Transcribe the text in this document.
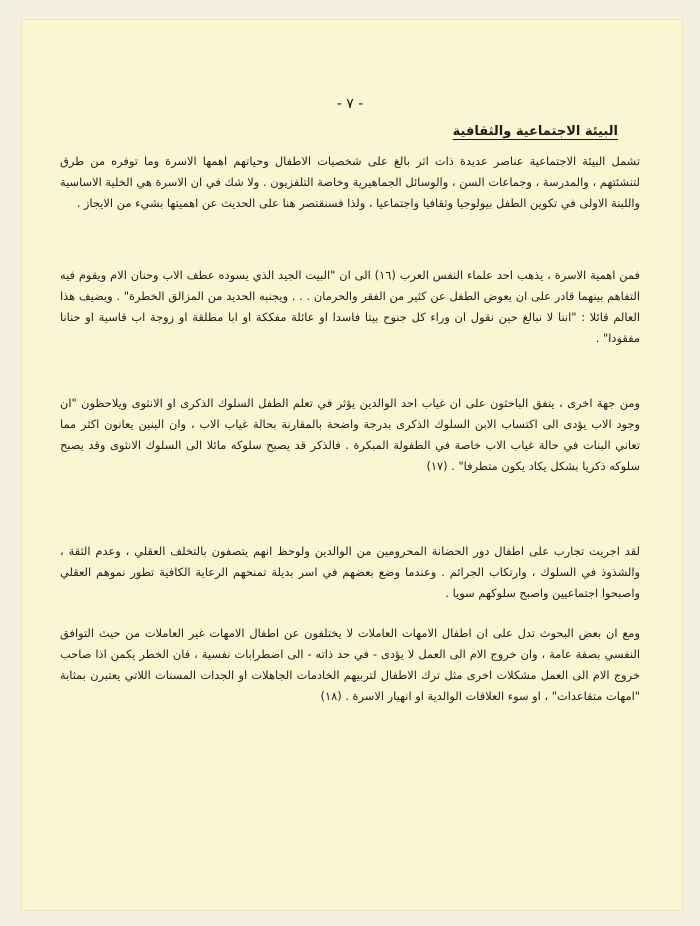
- ٧ -
البيئة الاجتماعية والثقافية

تشمل البيئة الاجتماعية عناصر عديدة ذات اثر بالغ على شخصيات الاطفال وحياتهم اهمها الاسرة وما توفره من طرق لتنشئتهم ، والمدرسة ، وجماعات السن ، والوسائل الجماهيرية وخاصة التلفزيون . ولا شك في ان الاسرة هي الخلية الاساسية واللبنة الاولى في تكوين الطفل بيولوجيا وثقافيا واجتماعيا ، ولذا فسنقتصر هنا على الحديث عن اهميتها بشيء من الايجاز .

فمن اهمية الاسرة ، يذهب احد علماء النفس العرب (١٦) الى ان "البيت الجيد الذي يسوده عطف الاب وحنان الام ويقوم فيه التفاهم بينهما قادر على ان يعوض الطفل عن كثير من الفقر والحرمان . . . ويجنبه الحديد من المزالق الخطرة" . ويضيف هذا العالم قائلا : "اننا لا نبالغ حين نقول ان وراء كل جنوح بيتا فاسدا او عائلة مفككة او ابا مطلقة او زوجة اب قاسية او حنانا مفقودا" .

ومن جهة اخرى ، يتفق الباحثون على ان غياب احد الوالدين يؤثر في تعلم الطفل السلوك الذكرى او الانثوى ويلاحظون "ان وجود الاب يؤدى الى اكتساب الابن السلوك الذكرى بدرجة واضحة بالمقارنة بحالة غياب الاب ، وان البنين يعانون اكثر مما تعاني البنات في حالة غياب الاب خاصة في الطفولة المبكرة . فالذكر قد يصبح سلوكه مائلا الى السلوك الانثوى وقد يصبح سلوكه ذكريا بشكل يكاد يكون متطرفا" . (١٧)

لقد اجريت تجارب على اطفال دور الحضانة المحرومين من الوالدين ولوحظ انهم يتصفون بالتخلف العقلي ، وعدم الثقة ، والشذوذ في السلوك ، وارتكاب الجرائم . وعندما وضع بعضهم في اسر بديلة تمنحهم الرعاية الكافية تطور نموهم العقلي واصبحوا اجتماعيين واصبح سلوكهم سويا .

ومع ان بعض البحوث تدل على ان اطفال الامهات العاملات لا يختلفون عن اطفال الامهات غير العاملات من حيث التوافق النفسي بصفة عامة ، وان خروج الام الى العمل لا يؤدى - في حد ذاته - الى اضطرابات نفسية ، فان الخطر يكمن اذا صاحب خروج الام الى العمل مشكلات اخرى مثل ترك الاطفال لتربيهم الخادمات الجاهلات او الجدات المسنات اللاتي يعتبرن بمثابة "امهات متقاعدات" ، او سوء العلاقات الوالدية او انهيار الاسرة . (١٨)
